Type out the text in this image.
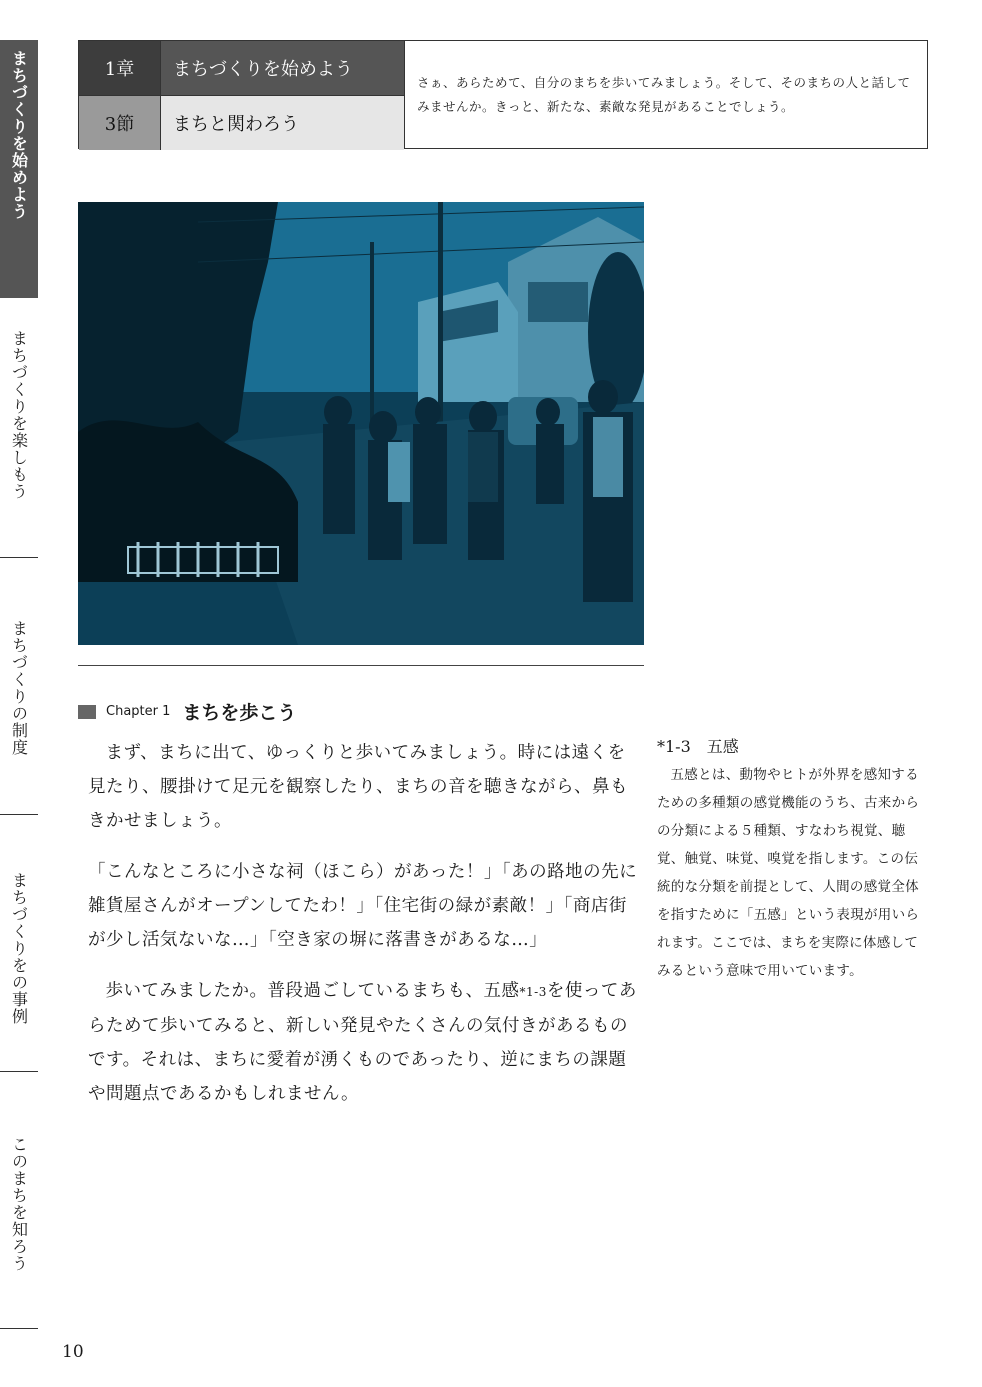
まちづくりを始めよう
まちづくりを楽しもう
まちづくりの制度
まちづくりをの事例
このまちを知ろう
1章	まちづくりを始めよう
3節	まちと関わろう
さぁ、あらためて、自分のまちを歩いてみましょう。そして、そのまちの人と話してみませんか。きっと、新たな、素敵な発見があることでしょう。
Chapter 1 まちを歩こう

まず、まちに出て、ゆっくりと歩いてみましょう。時には遠くを見たり、腰掛けて足元を観察したり、まちの音を聴きながら、鼻もきかせましょう。

「こんなところに小さな祠（ほこら）があった！」「あの路地の先に雑貨屋さんがオープンしてたわ！」「住宅街の緑が素敵！」「商店街が少し活気ないな…」「空き家の塀に落書きがあるな…」

歩いてみましたか。普段過ごしているまちも、五感*1-3を使ってあらためて歩いてみると、新しい発見やたくさんの気付きがあるものです。それは、まちに愛着が湧くものであったり、逆にまちの課題や問題点であるかもしれません。

*1-3　五感
五感とは、動物やヒトが外界を感知するための多種類の感覚機能のうち、古来からの分類による５種類、すなわち視覚、聴覚、触覚、味覚、嗅覚を指します。この伝統的な分類を前提として、人間の感覚全体を指すために「五感」という表現が用いられます。ここでは、まちを実際に体感してみるという意味で用いています。
10
